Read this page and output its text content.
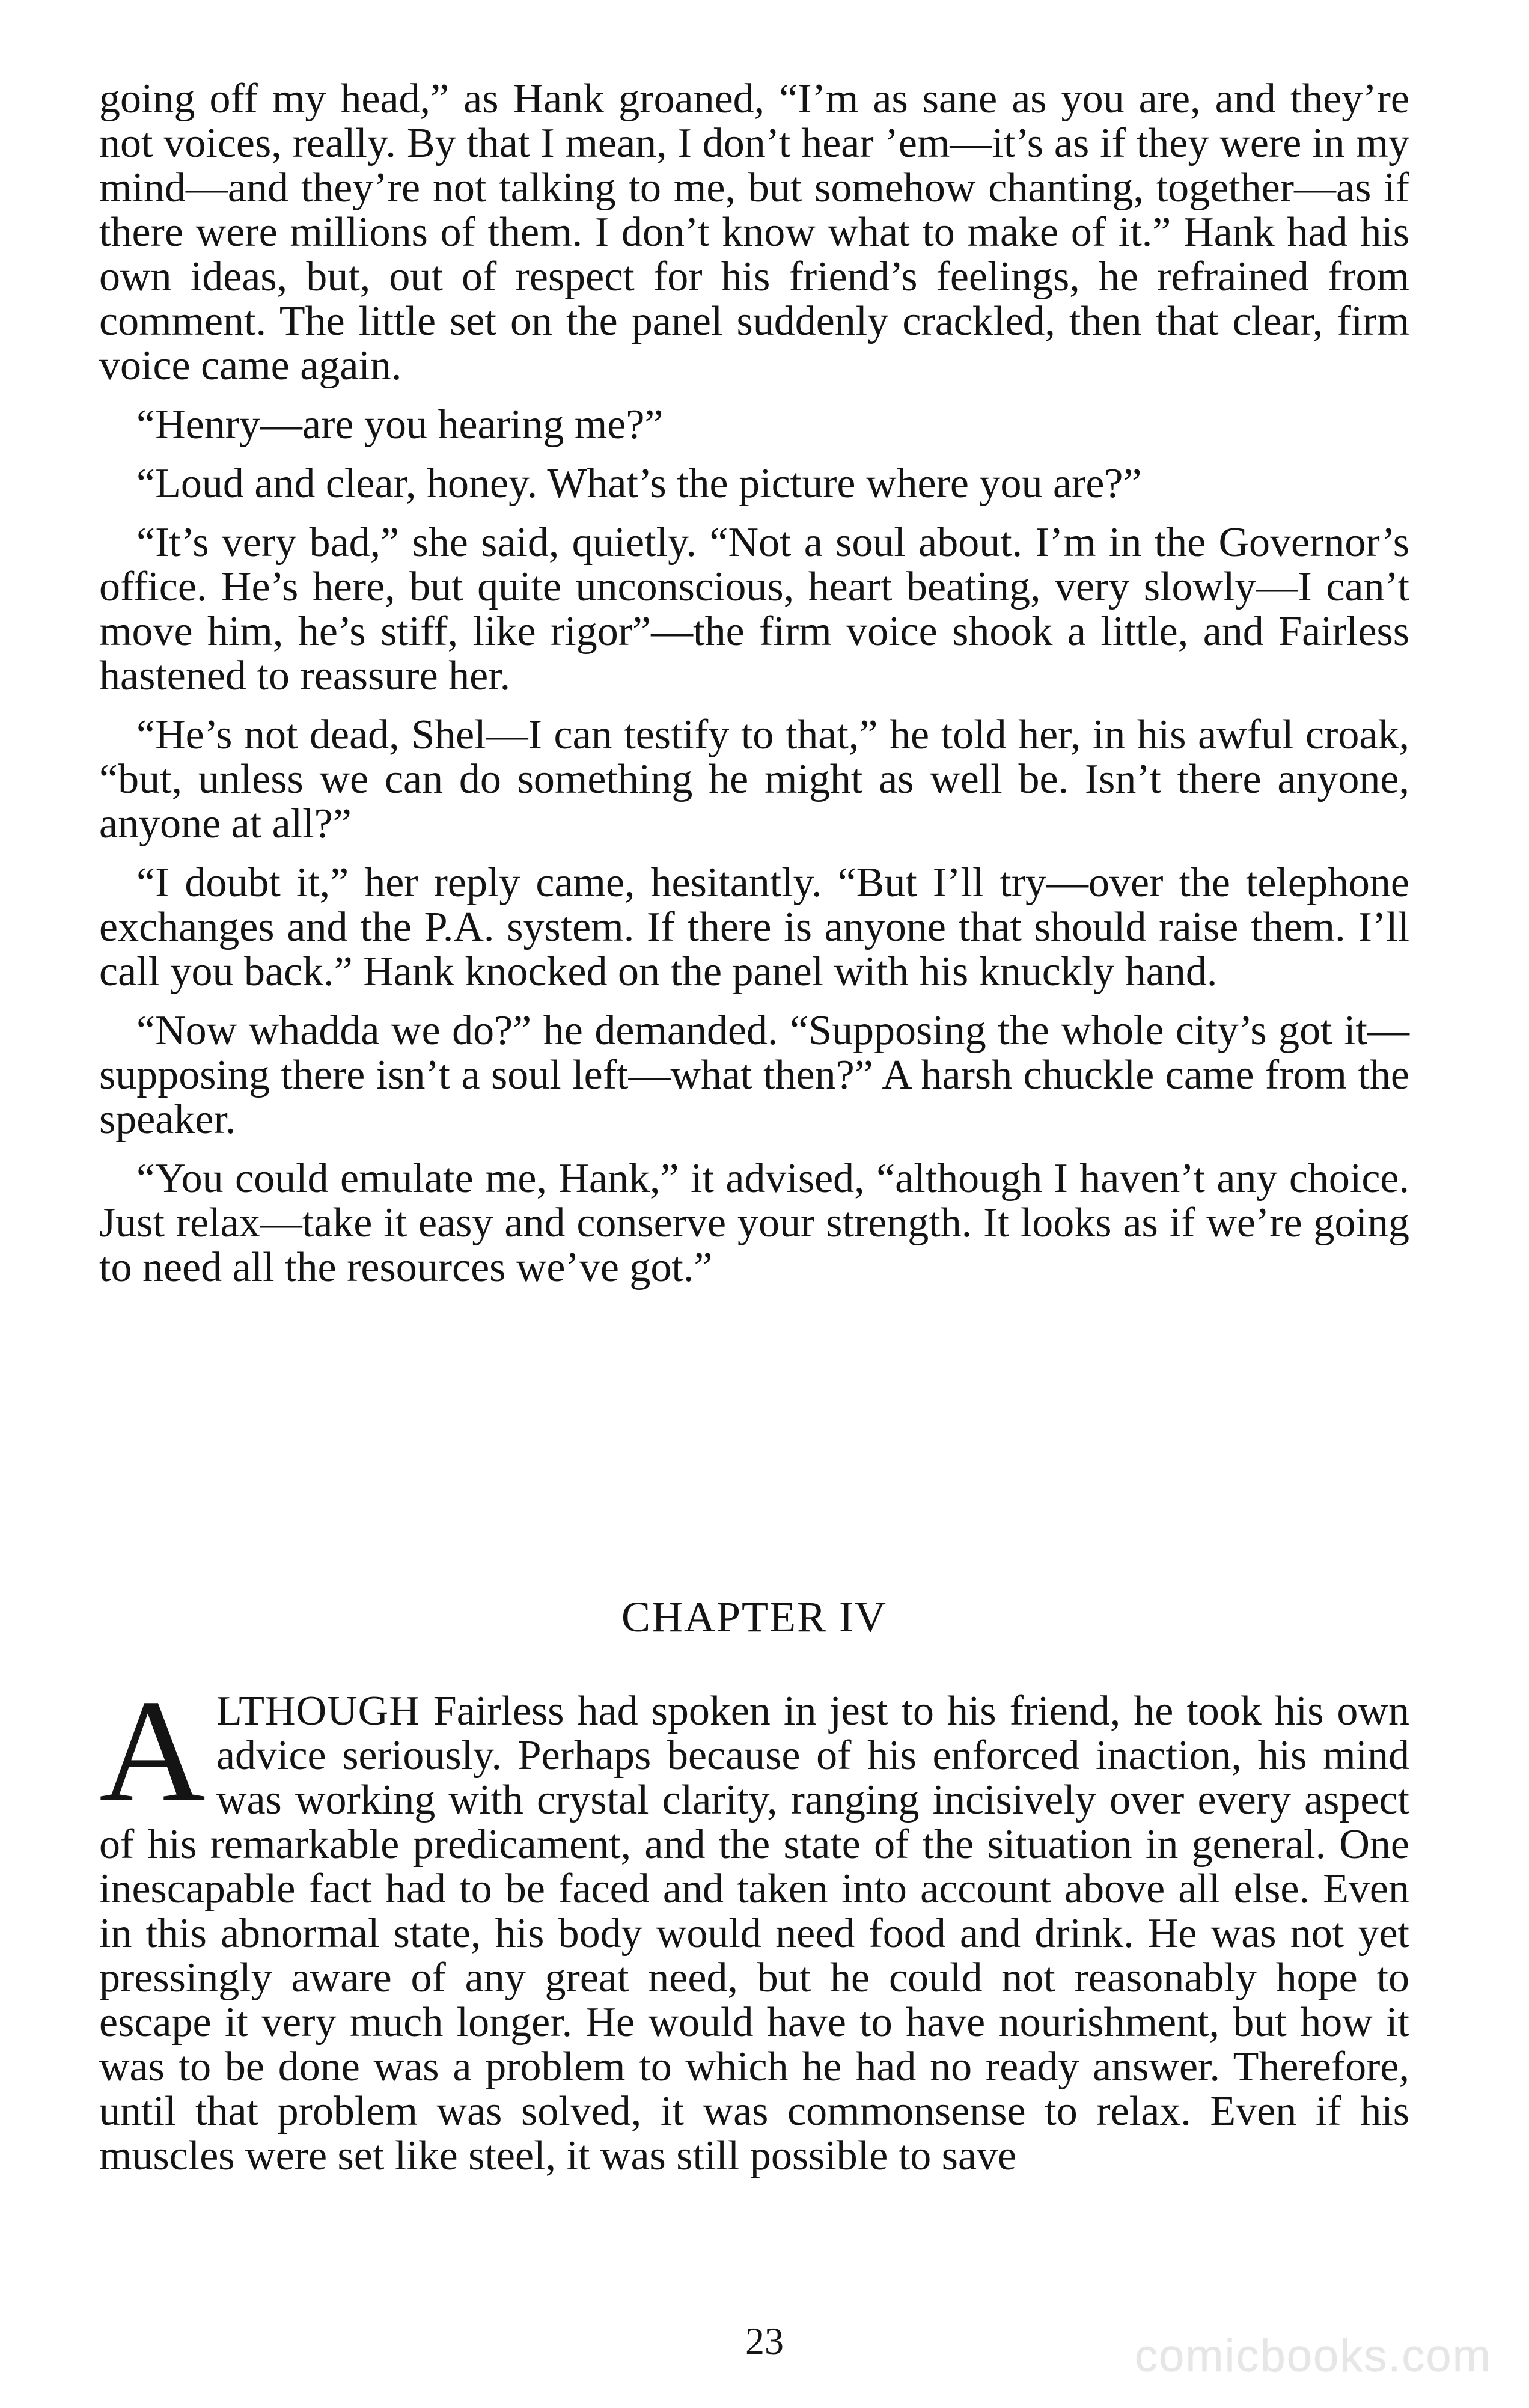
going off my head,” as Hank groaned, “I’m as sane as you are, and they’re not voices, really. By that I mean, I don’t hear ’em—it’s as if they were in my mind—and they’re not talking to me, but somehow chanting, together—as if there were millions of them. I don’t know what to make of it.” Hank had his own ideas, but, out of respect for his friend’s feelings, he refrained from comment. The little set on the panel suddenly crackled, then that clear, firm voice came again.

“Henry—are you hearing me?”

“Loud and clear, honey. What’s the picture where you are?”

“It’s very bad,” she said, quietly. “Not a soul about. I’m in the Governor’s office. He’s here, but quite unconscious, heart beating, very slowly—I can’t move him, he’s stiff, like rigor”—the firm voice shook a little, and Fairless hastened to reassure her.

“He’s not dead, Shel—I can testify to that,” he told her, in his awful croak, “but, unless we can do something he might as well be. Isn’t there anyone, anyone at all?”

“I doubt it,” her reply came, hesitantly. “But I’ll try—over the telephone exchanges and the P.A. system. If there is anyone that should raise them. I’ll call you back.” Hank knocked on the panel with his knuckly hand.

“Now whadda we do?” he demanded. “Supposing the whole city’s got it—supposing there isn’t a soul left—what then?” A harsh chuckle came from the speaker.

“You could emulate me, Hank,” it advised, “although I haven’t any choice. Just relax—take it easy and conserve your strength. It looks as if we’re going to need all the resources we’ve got.”

CHAPTER IV

ALTHOUGH Fairless had spoken in jest to his friend, he took his own advice seriously. Perhaps because of his enforced inaction, his mind was working with crystal clarity, ranging incisively over every aspect of his remarkable predicament, and the state of the situation in general. One inescapable fact had to be faced and taken into account above all else. Even in this abnormal state, his body would need food and drink. He was not yet pressingly aware of any great need, but he could not reasonably hope to escape it very much longer. He would have to have nourishment, but how it was to be done was a problem to which he had no ready answer. Therefore, until that problem was solved, it was commonsense to relax. Even if his muscles were set like steel, it was still possible to save

23	comicbooks.com
